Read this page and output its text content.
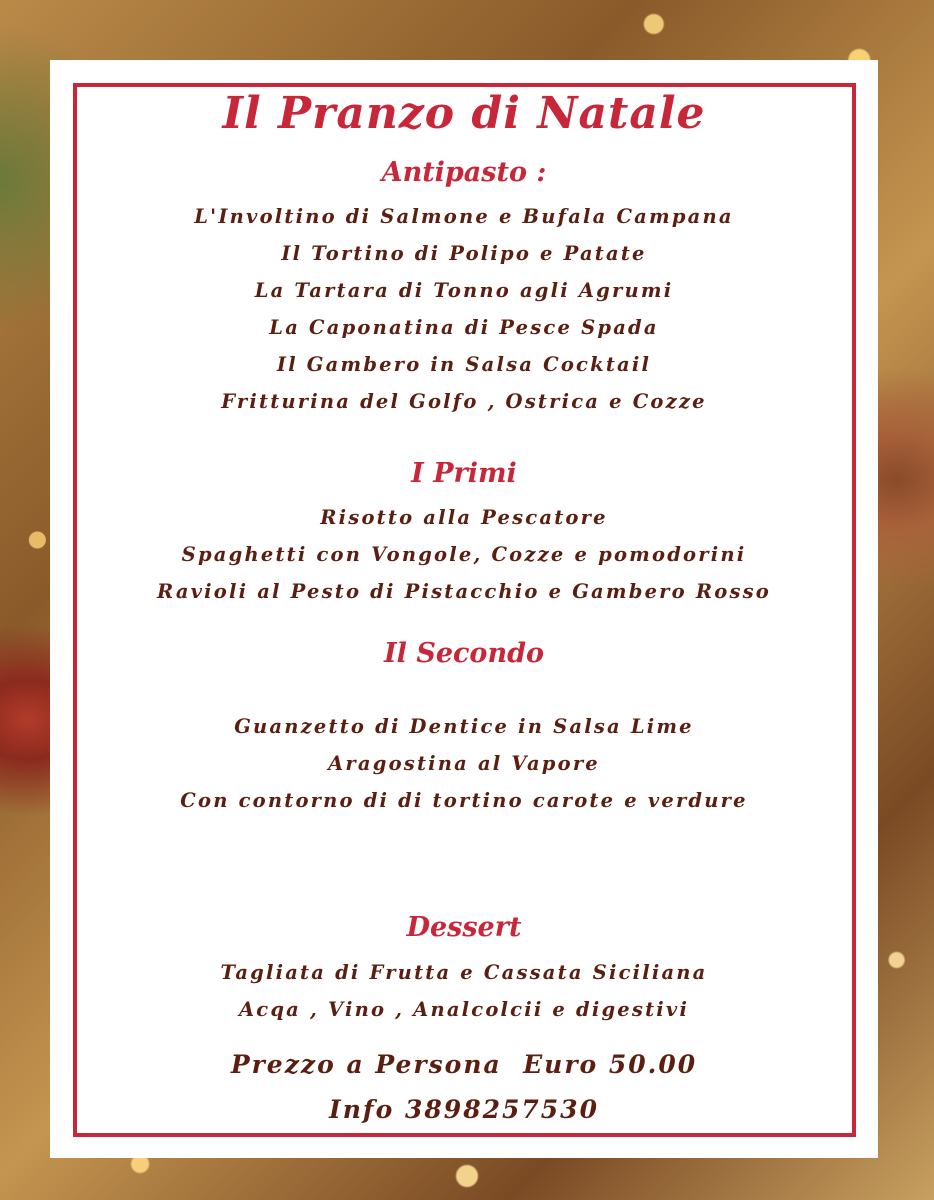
Il Pranzo di Natale
Antipasto :
L'Involtino di Salmone e Bufala Campana
Il Tortino di Polipo e Patate
La Tartara di Tonno agli Agrumi
La Caponatina di Pesce Spada
Il Gambero in Salsa Cocktail
Fritturina del Golfo , Ostrica e Cozze
I Primi
Risotto alla Pescatore
Spaghetti con Vongole, Cozze e pomodorini
Ravioli al Pesto di Pistacchio e Gambero Rosso
Il Secondo
Guanzetto di Dentice in Salsa Lime
Aragostina al Vapore
Con contorno di di tortino carote e verdure
Dessert
Tagliata di Frutta e Cassata Siciliana
Acqa , Vino , Analcolcii e digestivi
Prezzo a Persona  Euro 50.00
Info 3898257530
